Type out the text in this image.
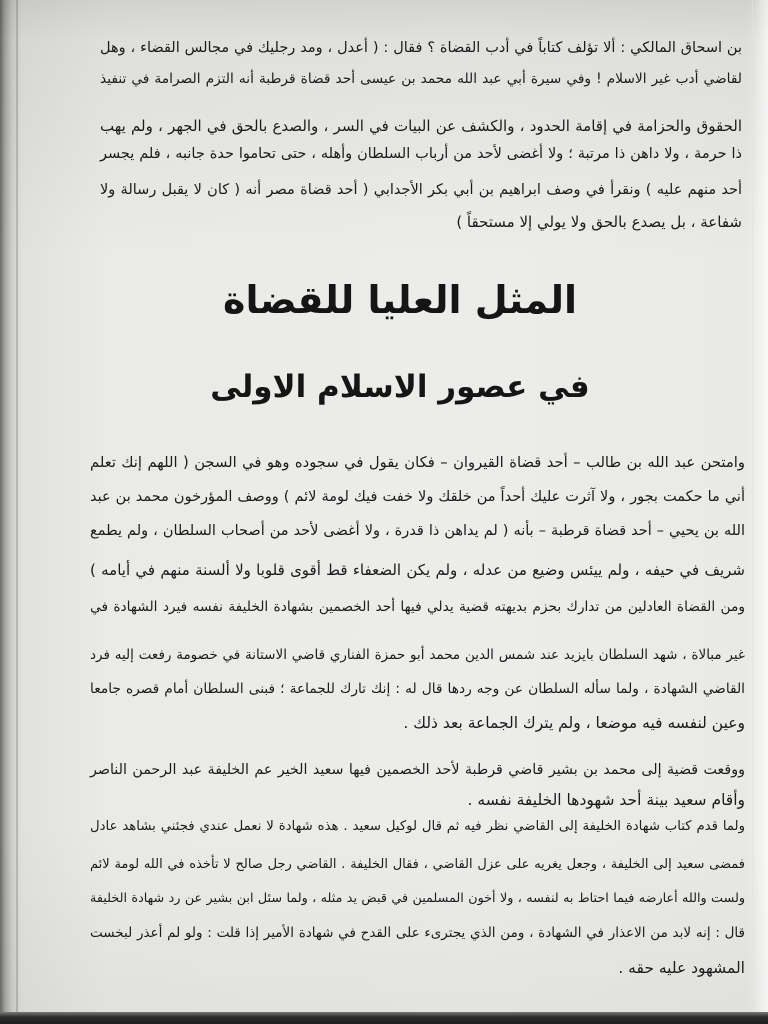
بن اسحاق المالكي : ألا تؤلف كتاباً في أدب القضاة ؟ فقال : ( أعدل ، ومد رجليك في مجالس القضاء ، وهل
لقاضي أدب غير الاسلام ! وفي سيرة أبي عبد الله محمد بن عيسى أحد قضاة قرطبة أنه التزم الصرامة في تنفيذ
الحقوق والحزامة في إقامة الحدود ، والكشف عن البيات في السر ، والصدع بالحق في الجهر ، ولم يهب
ذا حرمة ، ولا داهن ذا مرتبة ؛ ولا أغضى لأحد من أرباب السلطان وأهله ، حتى تحاموا حدة جانبه ، فلم يجسر
أحد منهم عليه ) ونقرأ في وصف ابراهيم بن أبي بكر الأجدابي ( أحد قضاة مصر أنه ( كان لا يقبل رسالة ولا
شفاعة ، بل يصدع بالحق ولا يولي إلا مستحقاً )
المثل العليا للقضاة
في عصور الاسلام الاولى
وامتحن عبد الله بن طالب – أحد قضاة القيروان – فكان يقول في سجوده وهو في السجن ( اللهم إنك تعلم
أني ما حكمت بجور ، ولا آثرت عليك أحداً من خلقك ولا خفت فيك لومة لائم ) ووصف المؤرخون محمد بن عبد
الله بن يحيي – أحد قضاة قرطبة – بأنه ( لم يداهن ذا قدرة ، ولا أغضى لأحد من أصحاب السلطان ، ولم يطمع
شريف في حيفه ، ولم ييئس وضيع من عدله ، ولم يكن الضعفاء قط أقوى قلوبا ولا ألسنة منهم في أيامه )
ومن القضاة العادلين من تدارك بحزم بديهته قضية يدلي فيها أحد الخصمين بشهادة الخليفة نفسه فيرد الشهادة في
غير مبالاة ، شهد السلطان بايزيد عند شمس الدين محمد أبو حمزة الفناري قاضي الاستانة في خصومة رفعت إليه فرد
القاضي الشهادة ، ولما سأله السلطان عن وجه ردها قال له : إنك تارك للجماعة ؛ فبنى السلطان أمام قصره جامعا
وعين لنفسه فيه موضعا ، ولم يترك الجماعة بعد ذلك .
ووقعت قضية إلى محمد بن بشير قاضي قرطبة لأحد الخصمين فيها سعيد الخير عم الخليفة عبد الرحمن الناصر
وأقام سعيد بينة أحد شهودها الخليفة نفسه .
ولما قدم كتاب شهادة الخليفة إلى القاضي نظر فيه ثم قال لوكيل سعيد . هذه شهادة لا نعمل عندي فجئني بشاهد عادل
فمضى سعيد إلى الخليفة ، وجعل يغريه على عزل القاضي ، فقال الخليفة . القاضي رجل صالح لا تأخذه في الله لومة لائم
ولست والله أعارضه فيما احتاط به لنفسه ، ولا أخون المسلمين في قبض يد مثله ، ولما سئل ابن بشير عن رد شهادة الخليفة
قال : إنه لابد من الاعذار في الشهادة ، ومن الذي يجترىء على القدح في شهادة الأمير إذا قلت : ولو لم أعذر لبخست
المشهود عليه حقه .
